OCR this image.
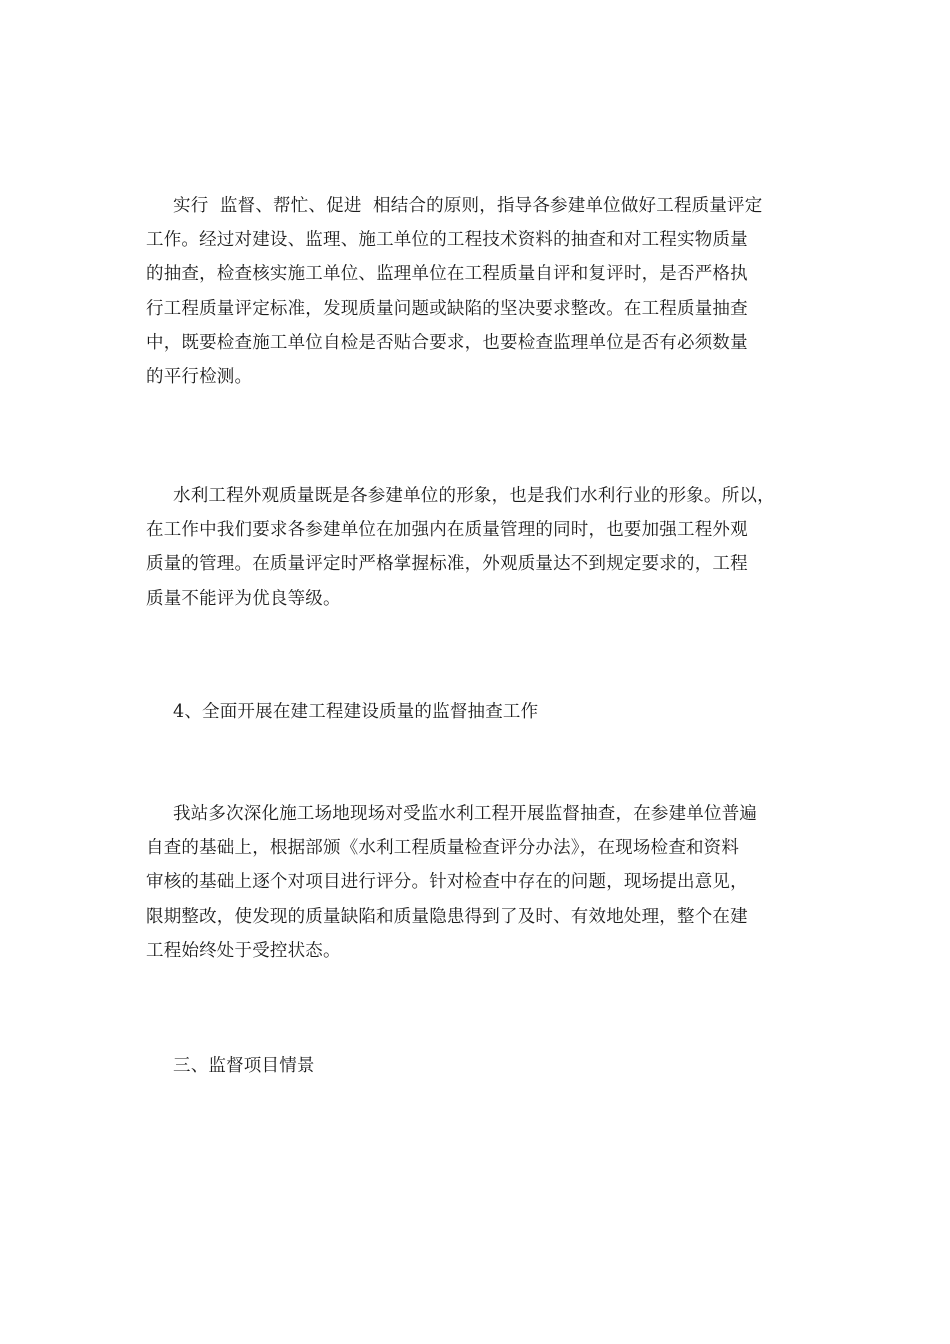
实行  监督、帮忙、促进  相结合的原则，指导各参建单位做好工程质量评定
工作。经过对建设、监理、施工单位的工程技术资料的抽查和对工程实物质量
的抽查，检查核实施工单位、监理单位在工程质量自评和复评时，是否严格执
行工程质量评定标准，发现质量问题或缺陷的坚决要求整改。在工程质量抽查
中，既要检查施工单位自检是否贴合要求，也要检查监理单位是否有必须数量
的平行检测。
水利工程外观质量既是各参建单位的形象，也是我们水利行业的形象。所以，
在工作中我们要求各参建单位在加强内在质量管理的同时，也要加强工程外观
质量的管理。在质量评定时严格掌握标准，外观质量达不到规定要求的，工程
质量不能评为优良等级。
4、全面开展在建工程建设质量的监督抽查工作
我站多次深化施工场地现场对受监水利工程开展监督抽查，在参建单位普遍
自查的基础上，根据部颁《水利工程质量检查评分办法》，在现场检查和资料
审核的基础上逐个对项目进行评分。针对检查中存在的问题，现场提出意见，
限期整改，使发现的质量缺陷和质量隐患得到了及时、有效地处理，整个在建
工程始终处于受控状态。
三、监督项目情景
